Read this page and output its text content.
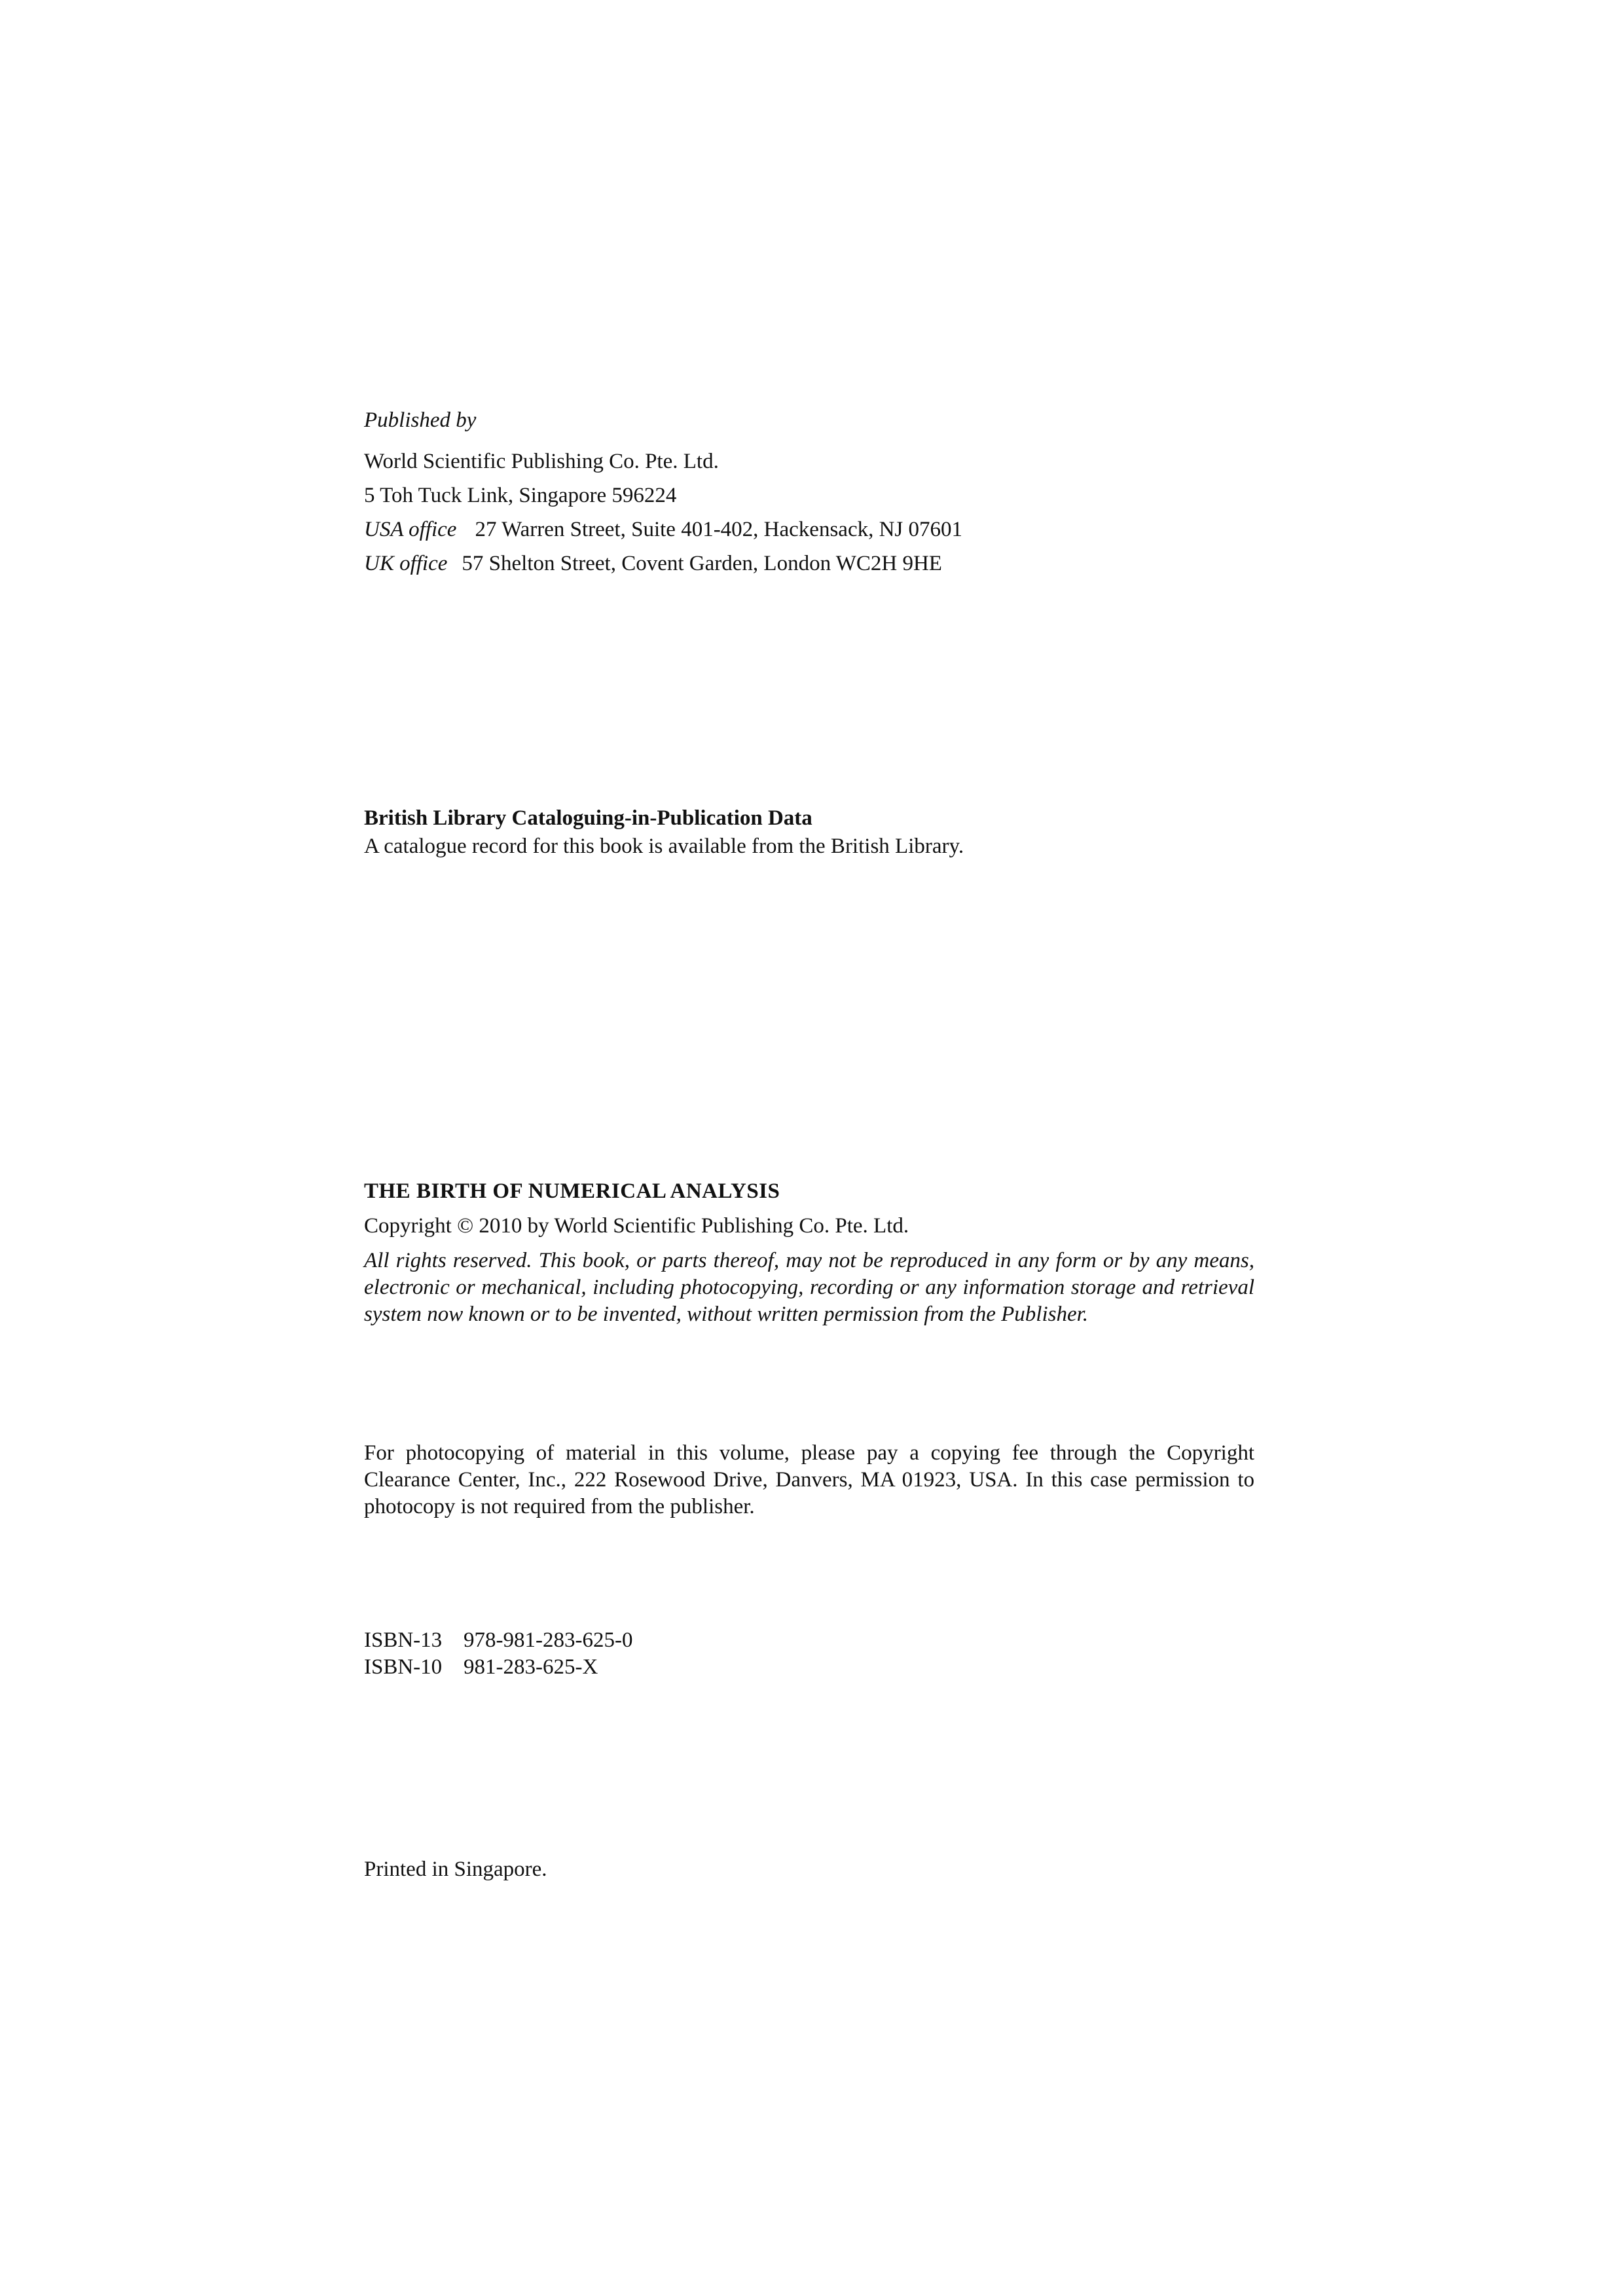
Published by
World Scientific Publishing Co. Pte. Ltd.
5 Toh Tuck Link, Singapore 596224
USA office 27 Warren Street, Suite 401-402, Hackensack, NJ 07601
UK office 57 Shelton Street, Covent Garden, London WC2H 9HE
British Library Cataloguing-in-Publication Data
A catalogue record for this book is available from the British Library.
THE BIRTH OF NUMERICAL ANALYSIS
Copyright © 2010 by World Scientific Publishing Co. Pte. Ltd.
All rights reserved. This book, or parts thereof, may not be reproduced in any form or by any means, electronic or mechanical, including photocopying, recording or any information storage and retrieval system now known or to be invented, without written permission from the Publisher.
For photocopying of material in this volume, please pay a copying fee through the Copyright Clearance Center, Inc., 222 Rosewood Drive, Danvers, MA 01923, USA. In this case permission to photocopy is not required from the publisher.
ISBN-13 978-981-283-625-0
ISBN-10 981-283-625-X
Printed in Singapore.
